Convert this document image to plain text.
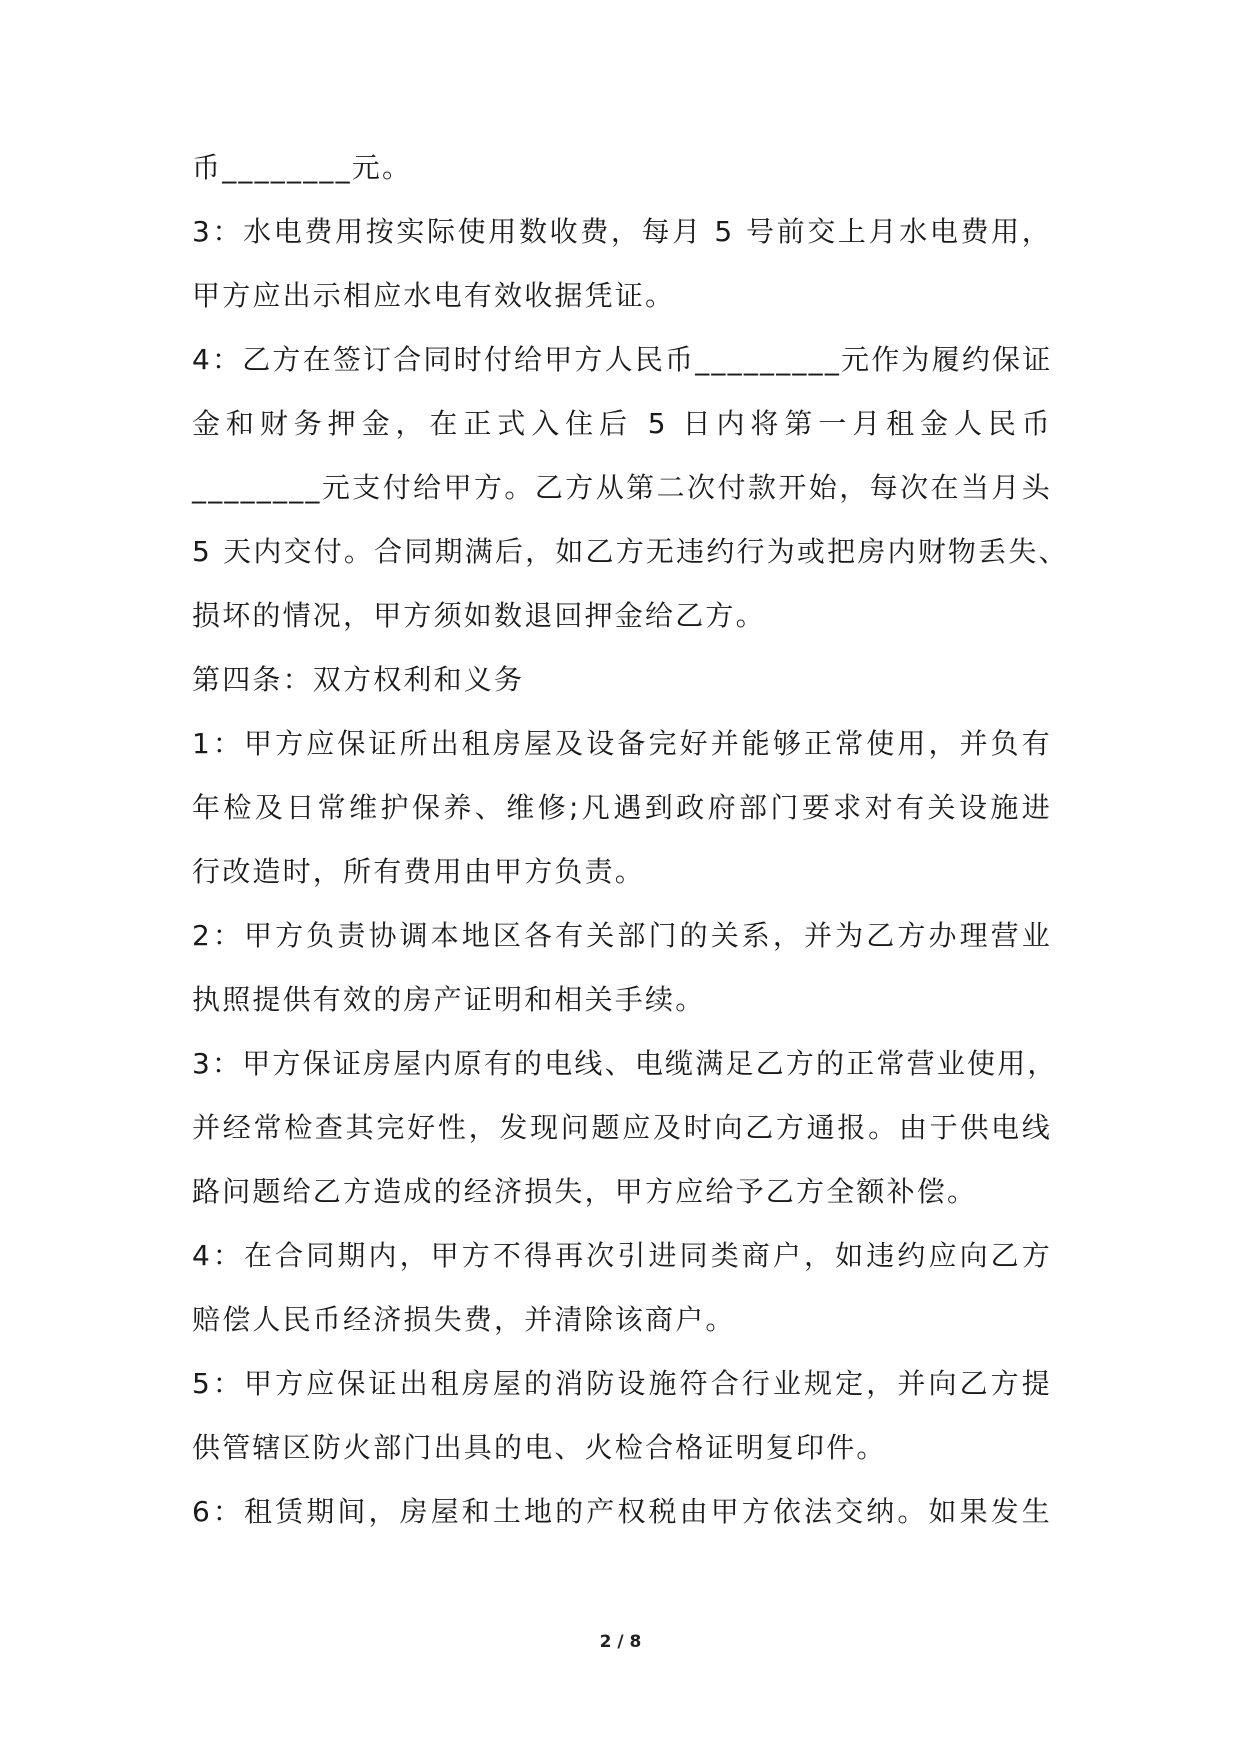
币________元。
3：水电费用按实际使用数收费，每月 5 号前交上月水电费用，
甲方应出示相应水电有效收据凭证。
4：乙方在签订合同时付给甲方人民币_________元作为履约保证
金和财务押金，在正式入住后 5 日内将第一月租金人民币
________元支付给甲方。乙方从第二次付款开始，每次在当月头
5 天内交付。合同期满后，如乙方无违约行为或把房内财物丢失、
损坏的情况，甲方须如数退回押金给乙方。
第四条：双方权利和义务
1：甲方应保证所出租房屋及设备完好并能够正常使用，并负有
年检及日常维护保养、维修;凡遇到政府部门要求对有关设施进
行改造时，所有费用由甲方负责。
2：甲方负责协调本地区各有关部门的关系，并为乙方办理营业
执照提供有效的房产证明和相关手续。
3：甲方保证房屋内原有的电线、电缆满足乙方的正常营业使用，
并经常检查其完好性，发现问题应及时向乙方通报。由于供电线
路问题给乙方造成的经济损失，甲方应给予乙方全额补偿。
4：在合同期内，甲方不得再次引进同类商户，如违约应向乙方
赔偿人民币经济损失费，并清除该商户。
5：甲方应保证出租房屋的消防设施符合行业规定，并向乙方提
供管辖区防火部门出具的电、火检合格证明复印件。
6：租赁期间，房屋和土地的产权税由甲方依法交纳。如果发生
2 / 8
